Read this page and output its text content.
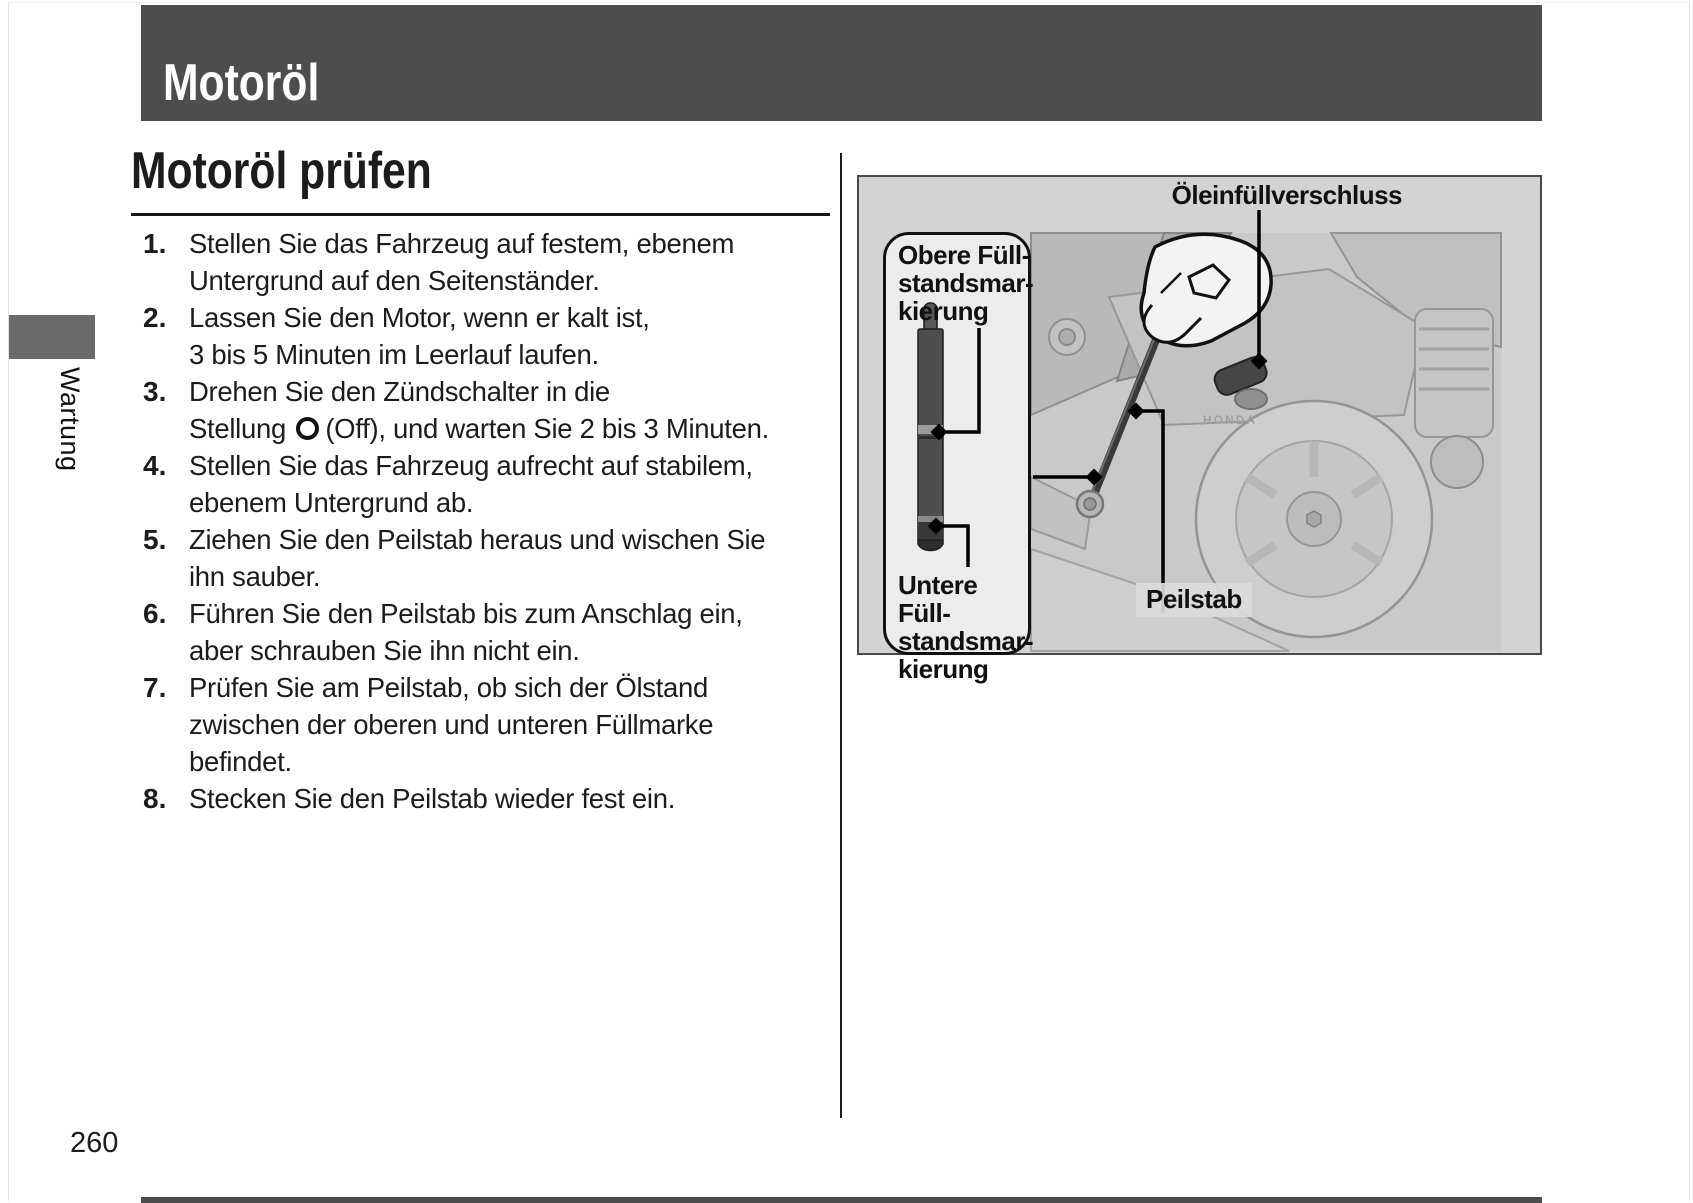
Motoröl
Wartung
Motoröl prüfen
1. Stellen Sie das Fahrzeug auf festem, ebenem
Untergrund auf den Seitenständer.
2. Lassen Sie den Motor, wenn er kalt ist,
3 bis 5 Minuten im Leerlauf laufen.
3. Drehen Sie den Zündschalter in die
Stellung (Off), und warten Sie 2 bis 3 Minuten.
4. Stellen Sie das Fahrzeug aufrecht auf stabilem,
ebenem Untergrund ab.
5. Ziehen Sie den Peilstab heraus und wischen Sie
ihn sauber.
6. Führen Sie den Peilstab bis zum Anschlag ein,
aber schrauben Sie ihn nicht ein.
7. Prüfen Sie am Peilstab, ob sich der Ölstand
zwischen der oberen und unteren Füllmarke
befindet.
8. Stecken Sie den Peilstab wieder fest ein.
HONDA
Öleinfüllverschluss
Peilstab
Obere Füll-
standsmar-
kierung
Untere Füll-
standsmar-
kierung
260
